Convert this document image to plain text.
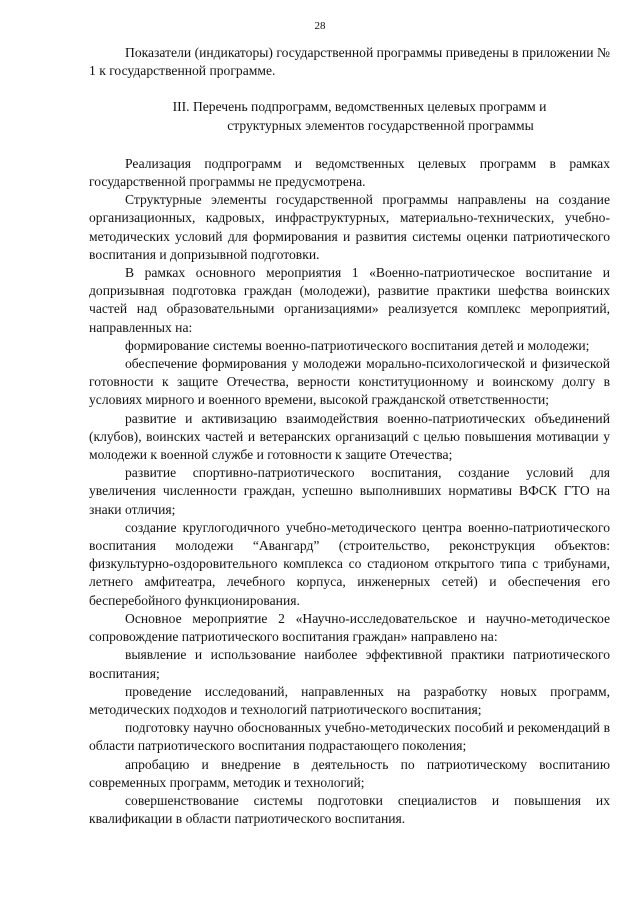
28

Показатели (индикаторы) государственной программы приведены в приложении № 1 к государственной программе.

III. Перечень подпрограмм, ведомственных целевых программ и
структурных элементов государственной программы

Реализация подпрограмм и ведомственных целевых программ в рамках государственной программы не предусмотрена.

Структурные элементы государственной программы направлены на создание организационных, кадровых, инфраструктурных, материально-технических, учебно-методических условий для формирования и развития системы оценки патриотического воспитания и допризывной подготовки.

В рамках основного мероприятия 1 «Военно-патриотическое воспитание и допризывная подготовка граждан (молодежи), развитие практики шефства воинских частей над образовательными организациями» реализуется комплекс мероприятий, направленных на:

формирование системы военно-патриотического воспитания детей и молодежи;

обеспечение формирования у молодежи морально-психологической и физической готовности к защите Отечества, верности конституционному и воинскому долгу в условиях мирного и военного времени, высокой гражданской ответственности;

развитие и активизацию взаимодействия военно-патриотических объединений (клубов), воинских частей и ветеранских организаций с целью повышения мотивации у молодежи к военной службе и готовности к защите Отечества;

развитие спортивно-патриотического воспитания, создание условий для увеличения численности граждан, успешно выполнивших нормативы ВФСК ГТО на знаки отличия;

создание круглогодичного учебно-методического центра военно-патриотического воспитания молодежи “Авангард” (строительство, реконструкция объектов: физкультурно-оздоровительного комплекса со стадионом открытого типа с трибунами, летнего амфитеатра, лечебного корпуса, инженерных сетей) и обеспечения его бесперебойного функционирования.

Основное мероприятие 2 «Научно-исследовательское и научно-методическое сопровождение патриотического воспитания граждан» направлено на:

выявление и использование наиболее эффективной практики патриотического воспитания;

проведение исследований, направленных на разработку новых программ, методических подходов и технологий патриотического воспитания;

подготовку научно обоснованных учебно-методических пособий и рекомендаций в области патриотического воспитания подрастающего поколения;

апробацию и внедрение в деятельность по патриотическому воспитанию современных программ, методик и технологий;

совершенствование системы подготовки специалистов и повышения их квалификации в области патриотического воспитания.
